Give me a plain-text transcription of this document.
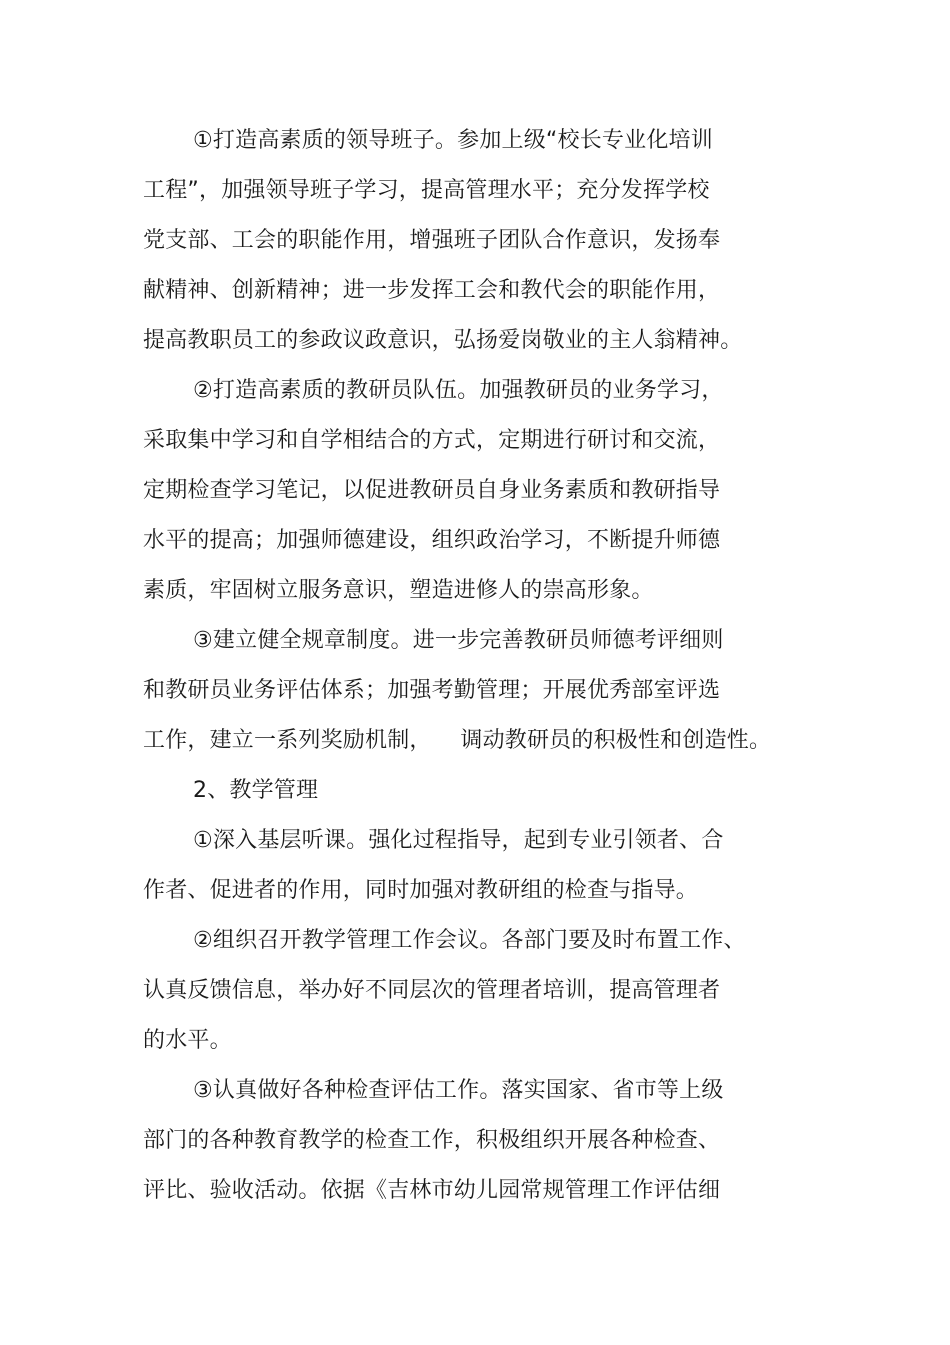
①打造高素质的领导班子。参加上级“校长专业化培训
工程”，加强领导班子学习，提高管理水平；充分发挥学校
党支部、工会的职能作用，增强班子团队合作意识，发扬奉
献精神、创新精神；进一步发挥工会和教代会的职能作用，
提高教职员工的参政议政意识，弘扬爱岗敬业的主人翁精神。
②打造高素质的教研员队伍。加强教研员的业务学习，
采取集中学习和自学相结合的方式，定期进行研讨和交流，
定期检查学习笔记，以促进教研员自身业务素质和教研指导
水平的提高；加强师德建设，组织政治学习，不断提升师德
素质，牢固树立服务意识，塑造进修人的崇高形象。
③建立健全规章制度。进一步完善教研员师德考评细则
和教研员业务评估体系；加强考勤管理；开展优秀部室评选
工作，建立一系列奖励机制，    调动教研员的积极性和创造性。
2、教学管理
①深入基层听课。强化过程指导，起到专业引领者、合
作者、促进者的作用，同时加强对教研组的检查与指导。
②组织召开教学管理工作会议。各部门要及时布置工作、
认真反馈信息，举办好不同层次的管理者培训，提高管理者
的水平。
③认真做好各种检查评估工作。落实国家、省市等上级
部门的各种教育教学的检查工作，积极组织开展各种检查、
评比、验收活动。依据《吉林市幼儿园常规管理工作评估细
